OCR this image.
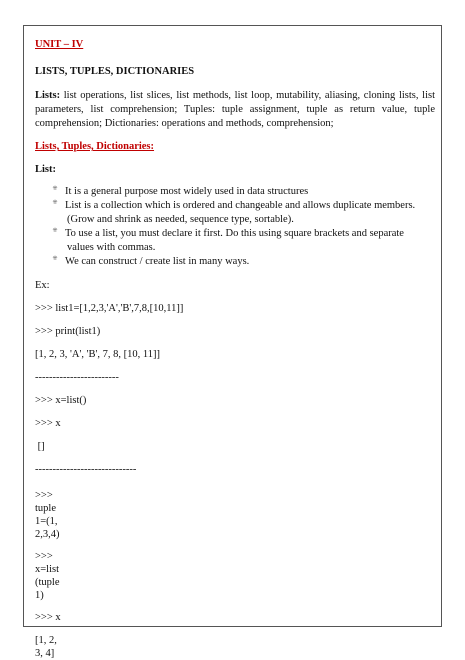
UNIT – IV
LISTS, TUPLES, DICTIONARIES
Lists: list operations, list slices, list methods, list loop, mutability, aliasing, cloning lists, list parameters, list comprehension; Tuples: tuple assignment, tuple as return value, tuple comprehension; Dictionaries: operations and methods, comprehension;
Lists, Tuples, Dictionaries:
List:
⁜ It is a general purpose most widely used in data structures
⁜ List is a collection which is ordered and changeable and allows duplicate members.
(Grow and shrink as needed, sequence type, sortable).
⁜ To use a list, you must declare it first. Do this using square brackets and separate
values with commas.
⁜ We can construct / create list in many ways.
Ex:
>>> list1=[1,2,3,'A','B',7,8,[10,11]]
>>> print(list1)
[1, 2, 3, 'A', 'B', 7, 8, [10, 11]]
------------------------
>>> x=list()
>>> x
[]
-----------------------------
>>>
tuple
1=(1,
2,3,4)
>>>
x=list
(tuple
1)
>>> x
[1, 2,
3, 4]
